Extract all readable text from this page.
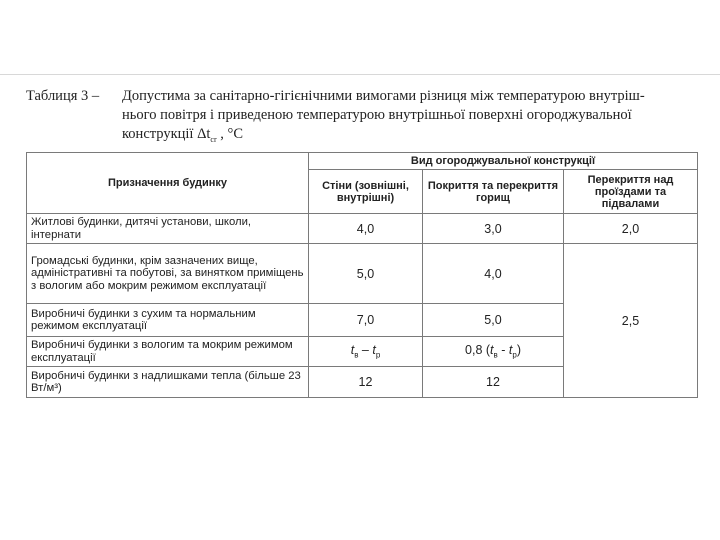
Таблиця 3 –	Допустима за санітарно-гігієнічними вимогами різниця між температурою внутріш-
нього повітря і приведеною температурою внутрішньої поверхні огороджувальної
конструкції $\Delta t_{cr}$ , °C
Призначення будинку	Вид огороджувальної конструкції		
	Стіни (зовнішні, внутрішні)	Покриття та перекриття горищ	Перекриття над проїздами та підвалами
Житлові будинки, дитячі установи, школи, інтернати	4,0	3,0	2,0
Громадські будинки, крім зазначених вище, адміністративні та побутові, за винятком приміщень з вологим або мокрим режимом експлуатації	5,0	4,0	2,5
Виробничі будинки з сухим та нормальним режимом експлуатації	7,0	5,0	
Виробничі будинки з вологим та мокрим режимом експлуатації	$t_в - t_р$	0,8 $(t_в - t_р)$	
Виробничі будинки з надлишками тепла (більше 23 Вт/м³)	12	12	
